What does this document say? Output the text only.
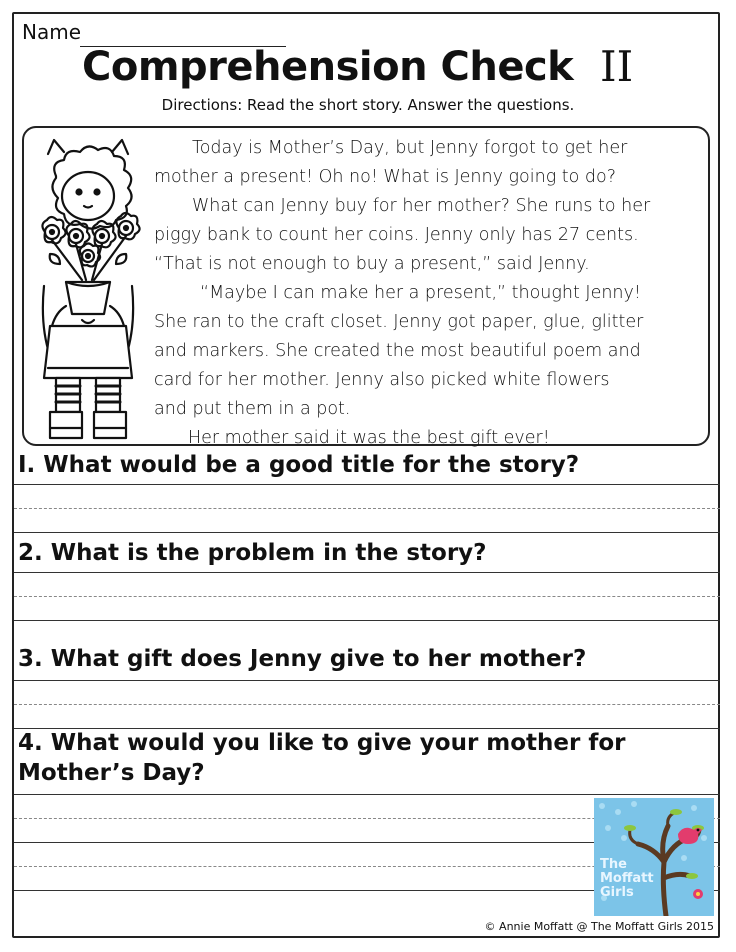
Name
Comprehension Check II
Directions: Read the short story. Answer the questions.
Today is Mother’s Day, but Jenny forgot to get her
mother a present! Oh no! What is Jenny going to do?
What can Jenny buy for her mother? She runs to her
piggy bank to count her coins. Jenny only has 27 cents.
“That is not enough to buy a present,” said Jenny.
“Maybe I can make her a present,” thought Jenny!
She ran to the craft closet. Jenny got paper, glue, glitter
and markers. She created the most beautiful poem and
card for her mother. Jenny also picked white flowers
and put them in a pot.
Her mother said it was the best gift ever!
I. What would be a good title for the story?
2. What is the problem in the story?
3. What gift does Jenny give to her mother?
4. What would you like to give your mother for
Mother’s Day?
The
Moffatt
Girls
© Annie Moffatt @ The Moffatt Girls 2015
